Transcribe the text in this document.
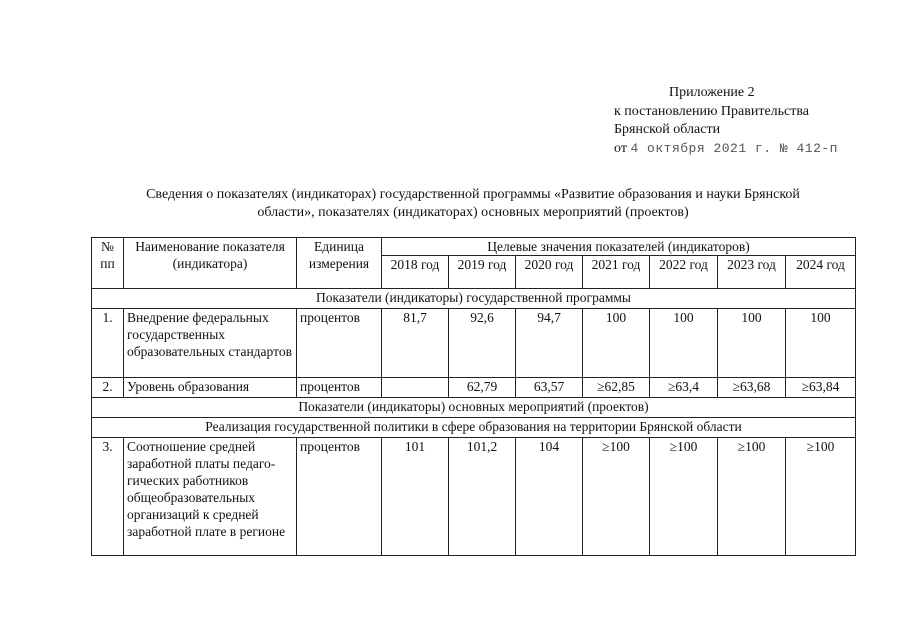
Приложение 2
к постановлению Правительства
Брянской области
от 4 октября 2021 г. № 412-п
Сведения о показателях (индикаторах) государственной программы «Развитие образования и науки Брянской
области», показателях (индикаторах) основных мероприятий (проектов)
№ пп	Наименование показателя (индикатора)	Единица измерения	Целевые значения показателей (индикаторов)						
			2018 год	2019 год	2020 год	2021 год	2022 год	2023 год	2024 год
Показатели (индикаторы) государственной программы									
1.	Внедрение федеральных государственных образовательных стандартов	процентов	81,7	92,6	94,7	100	100	100	100
2.	Уровень образования	процентов		62,79	63,57	≥62,85	≥63,4	≥63,68	≥63,84
Показатели (индикаторы) основных мероприятий (проектов)									
Реализация государственной политики в сфере образования на территории Брянской области									
3.	Соотношение средней заработной платы педаго-гических работников общеобразовательных организаций к средней заработной плате в регионе	процентов	101	101,2	104	≥100	≥100	≥100	≥100
